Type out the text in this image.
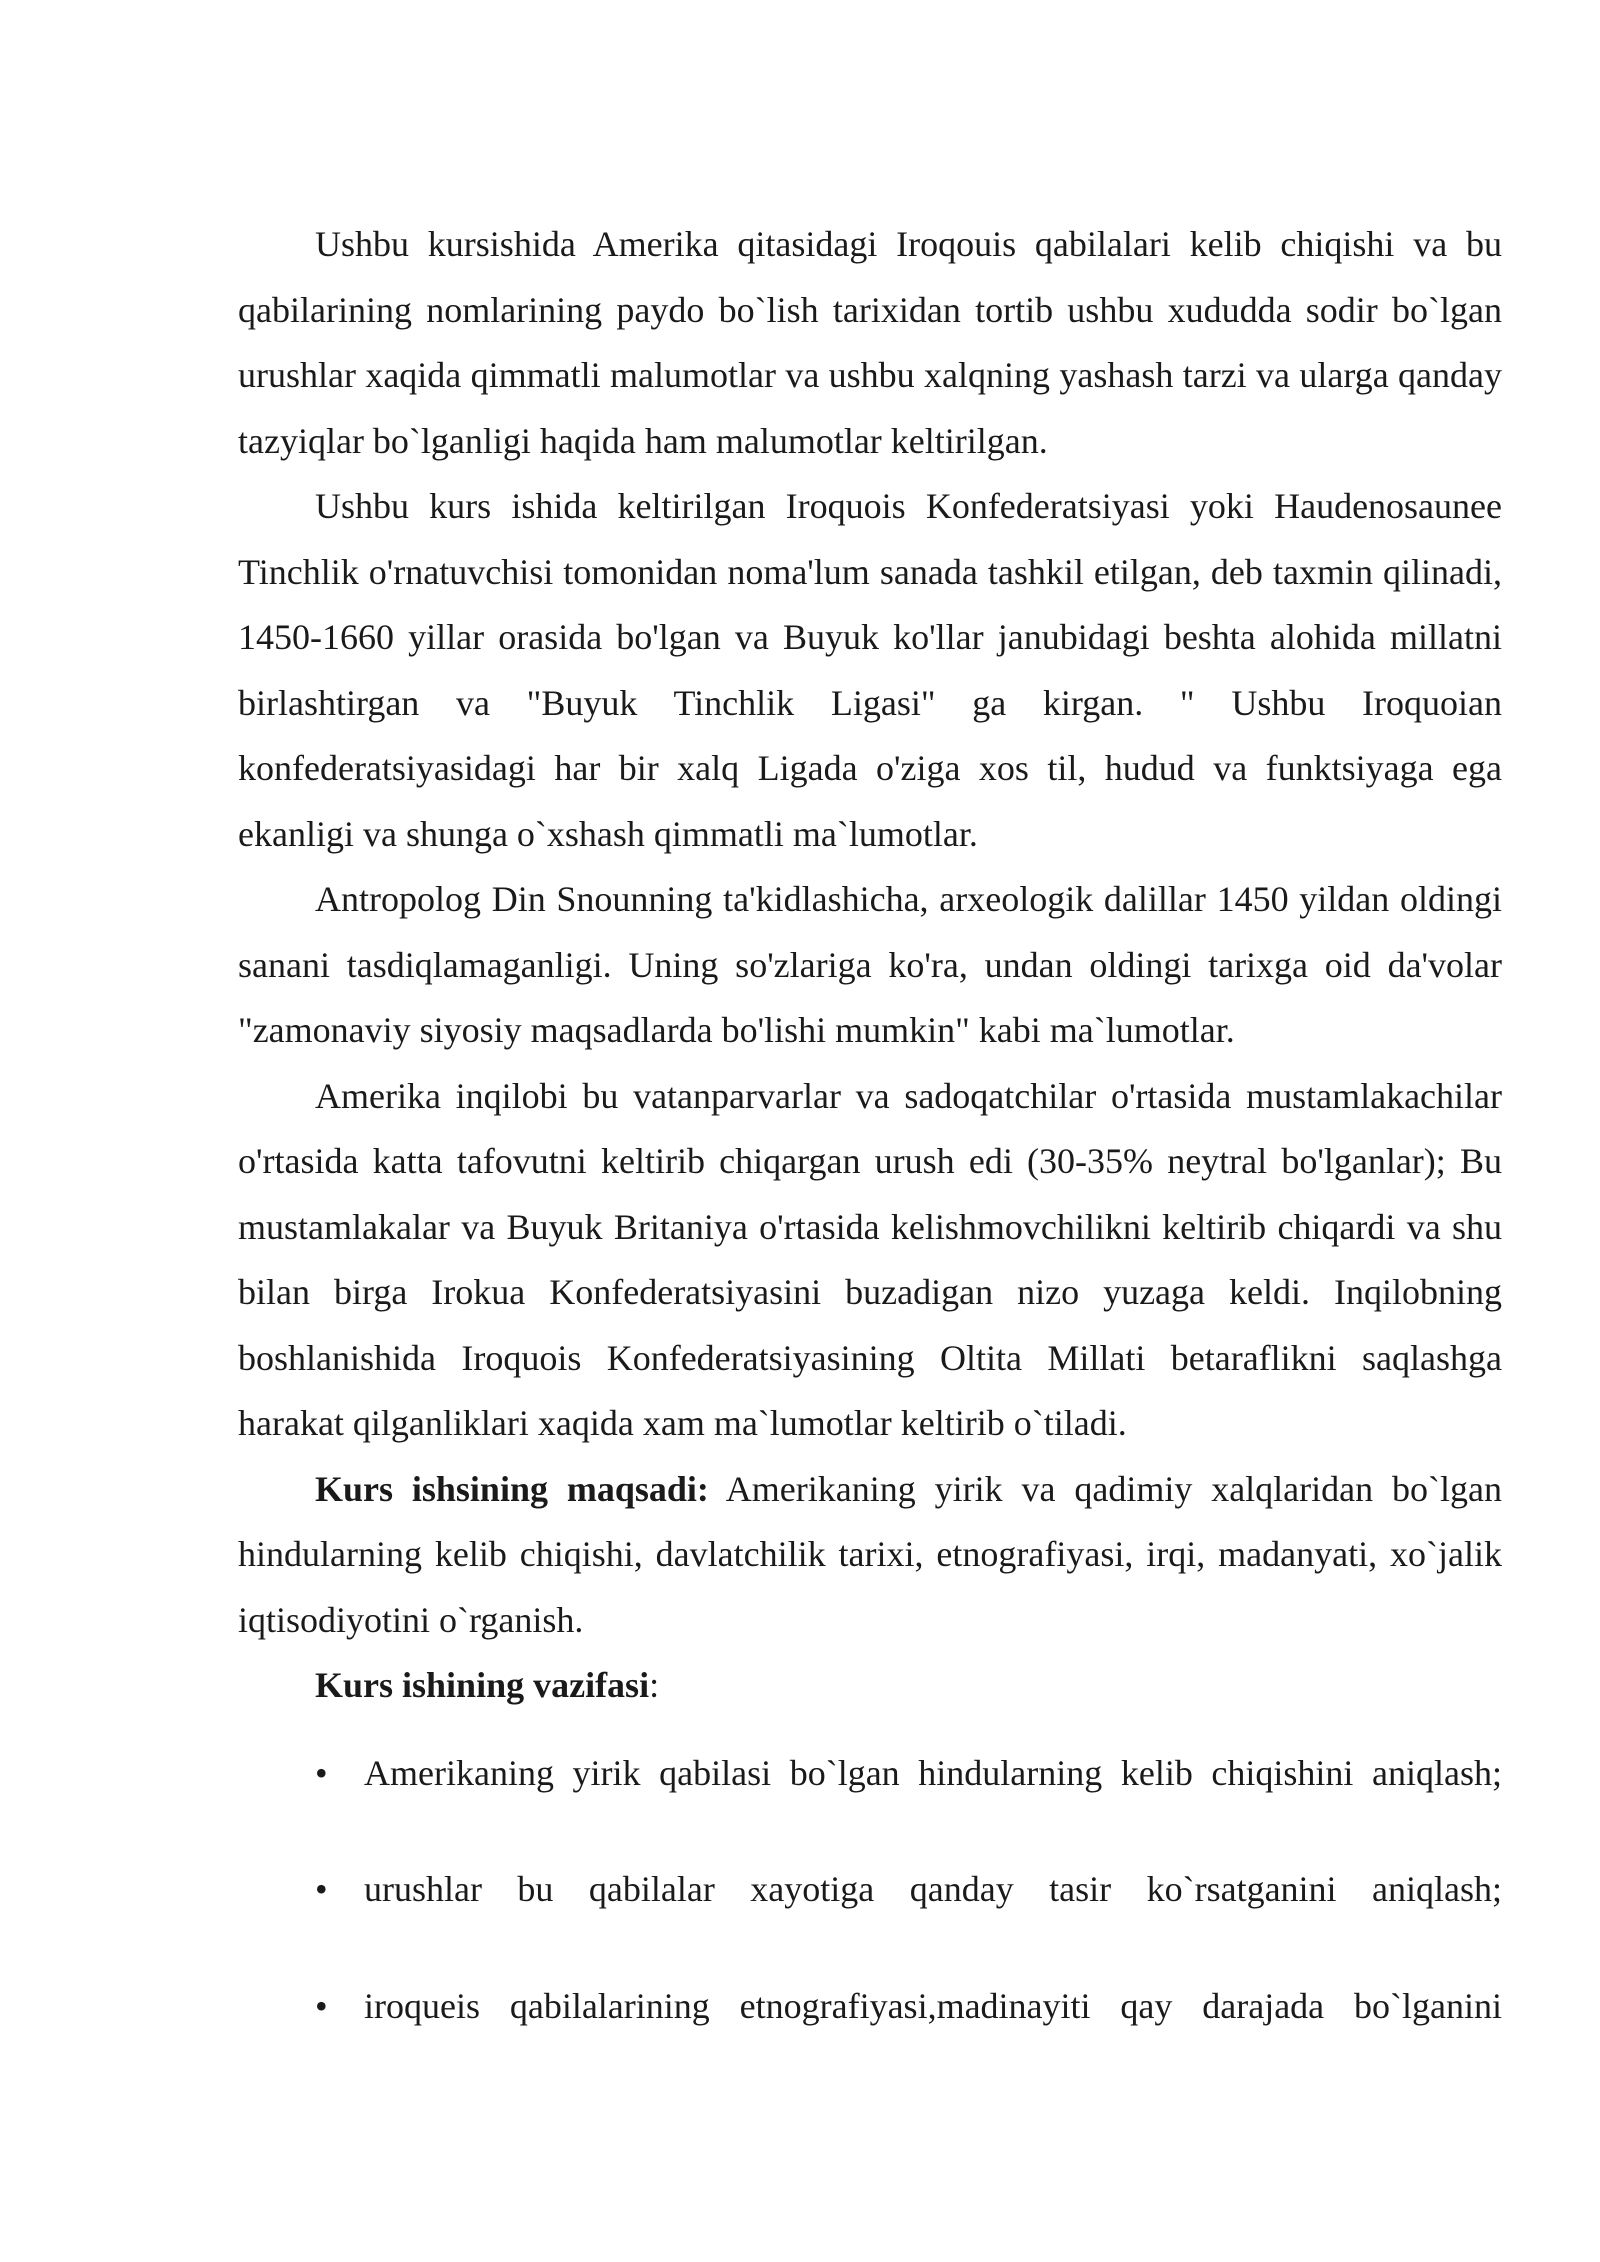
Ushbu kursishida Amerika qitasidagi Iroqouis qabilalari kelib chiqishi va bu qabilarining nomlarining paydo bo`lish tarixidan tortib ushbu xududda sodir bo`lgan urushlar xaqida qimmatli malumotlar va ushbu xalqning yashash tarzi va ularga qanday tazyiqlar bo`lganligi haqida ham malumotlar keltirilgan.

Ushbu kurs ishida keltirilgan Iroquois Konfederatsiyasi yoki Haudenosaunee Tinchlik o'rnatuvchisi tomonidan noma'lum sanada tashkil etilgan, deb taxmin qilinadi, 1450-1660 yillar orasida bo'lgan va Buyuk ko'llar janubidagi beshta alohida millatni birlashtirgan va "Buyuk Tinchlik Ligasi" ga kirgan. " Ushbu Iroquoian konfederatsiyasidagi har bir xalq Ligada o'ziga xos til, hudud va funktsiyaga ega ekanligi va shunga o`xshash qimmatli ma`lumotlar.

Antropolog Din Snounning ta'kidlashicha, arxeologik dalillar 1450 yildan oldingi sanani tasdiqlamaganligi. Uning so'zlariga ko'ra, undan oldingi tarixga oid da'volar "zamonaviy siyosiy maqsadlarda bo'lishi mumkin" kabi ma`lumotlar.

Amerika inqilobi bu vatanparvarlar va sadoqatchilar o'rtasida mustamlakachilar o'rtasida katta tafovutni keltirib chiqargan urush edi (30-35% neytral bo'lganlar); Bu mustamlakalar va Buyuk Britaniya o'rtasida kelishmovchilikni keltirib chiqardi va shu bilan birga Irokua Konfederatsiyasini buzadigan nizo yuzaga keldi. Inqilobning boshlanishida Iroquois Konfederatsiyasining Oltita Millati betaraflikni saqlashga harakat qilganliklari xaqida xam ma`lumotlar keltirib o`tiladi.

Kurs ishsining maqsadi: Amerikaning yirik va qadimiy xalqlaridan bo`lgan hindularning kelib chiqishi, davlatchilik tarixi, etnografiyasi, irqi, madanyati, xo`jalik iqtisodiyotini o`rganish.

Kurs ishining vazifasi:

•	Amerikaning yirik qabilasi bo`lgan hindularning kelib chiqishini aniqlash;
•	urushlar bu qabilalar xayotiga qanday tasir ko`rsatganini aniqlash;
•	iroqueis qabilalarining etnografiyasi,madinayiti qay darajada bo`lganini
